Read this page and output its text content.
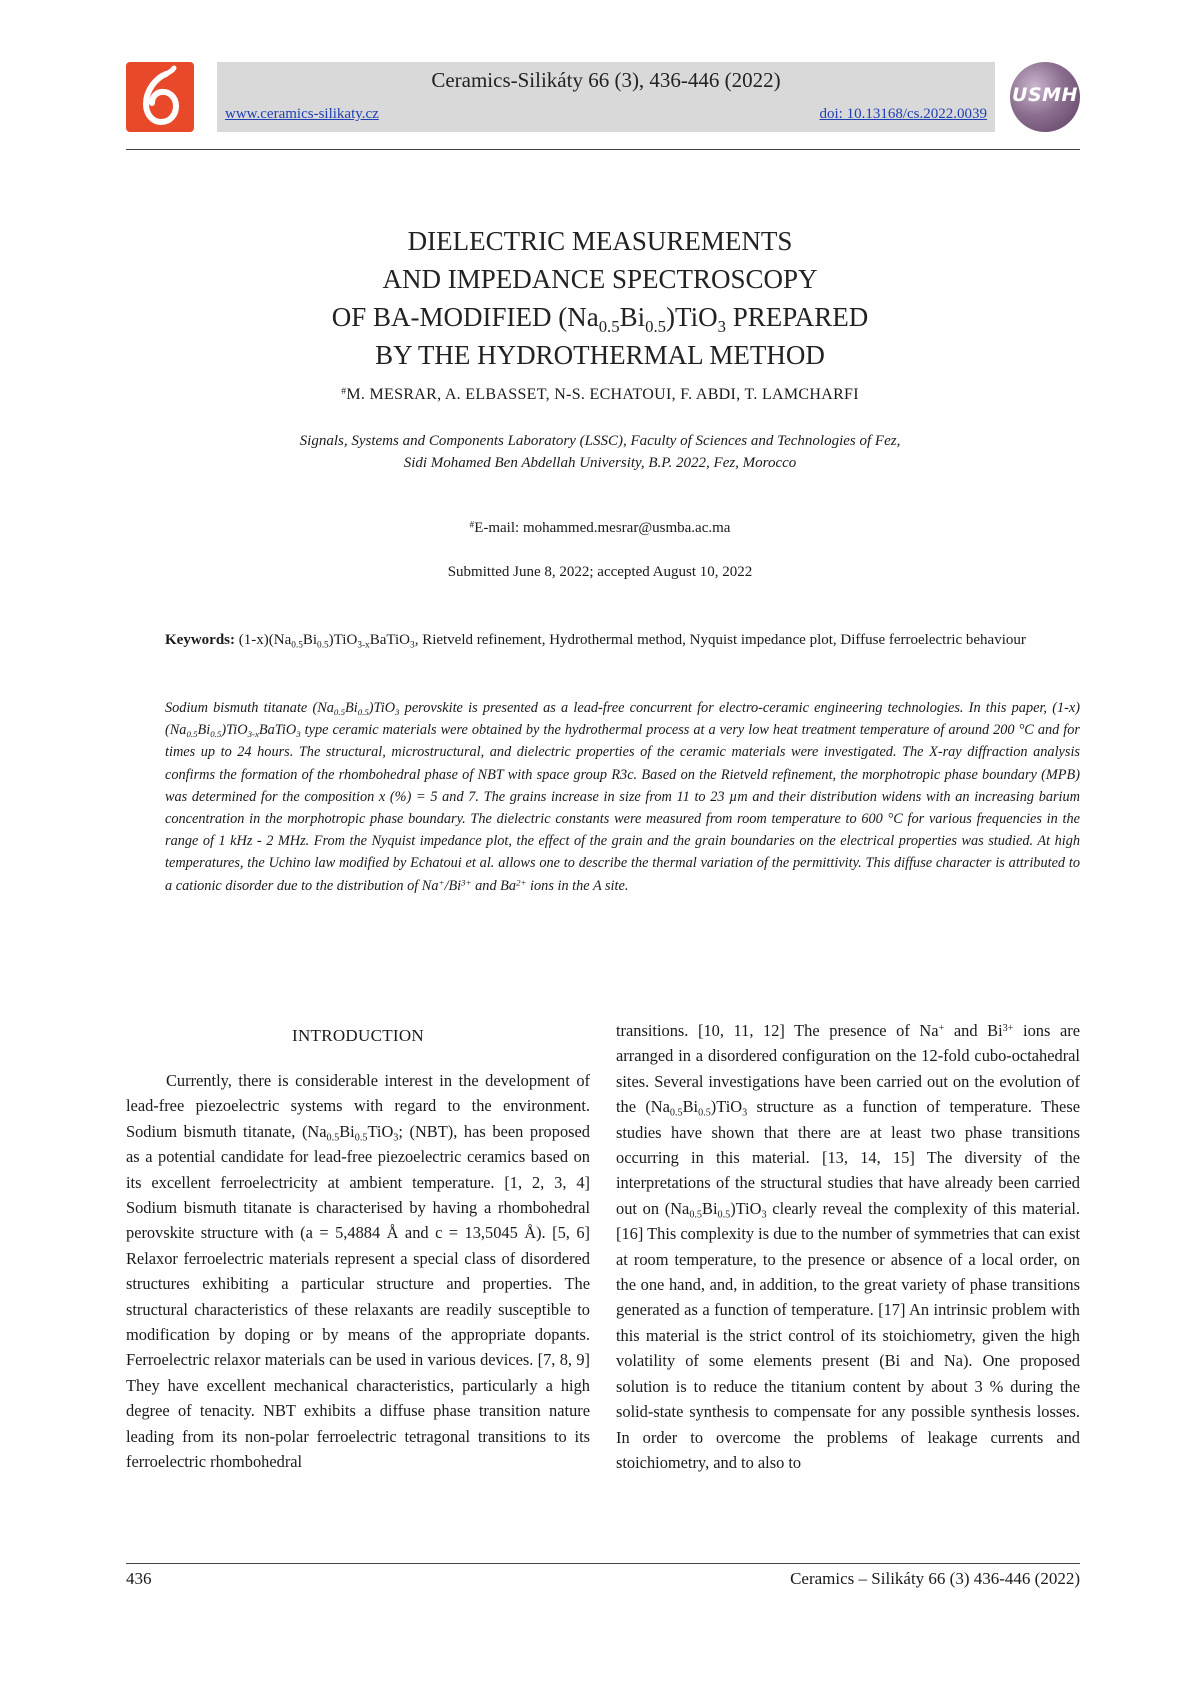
Ceramics-Silikáty 66 (3), 436-446 (2022)
www.ceramics-silikaty.cz	doi: 10.13168/cs.2022.0039
USMH
DIELECTRIC MEASUREMENTS
AND IMPEDANCE SPECTROSCOPY
OF BA-MODIFIED $(Na_{0.5}Bi_{0.5})TiO_3$ PREPARED
BY THE HYDROTHERMAL METHOD
#M. MESRAR, A. ELBASSET, N-S. ECHATOUI, F. ABDI, T. LAMCHARFI
Signals, Systems and Components Laboratory (LSSC), Faculty of Sciences and Technologies of Fez,
Sidi Mohamed Ben Abdellah University, B.P. 2022, Fez, Morocco
#E-mail: mohammed.mesrar@usmba.ac.ma
Submitted June 8, 2022; accepted August 10, 2022
Keywords: $(1-x)(Na_{0.5}Bi_{0.5})TiO_{3-x}BaTiO_3$, Rietveld refinement, Hydrothermal method, Nyquist impedance plot, Diffuse ferroelectric behaviour
Sodium bismuth titanate $(Na_{0.5}Bi_{0.5})TiO_3$ perovskite is presented as a lead-free concurrent for electro-ceramic engineering technologies. In this paper, $(1-x)(Na_{0.5}Bi_{0.5})TiO_{3-x}BaTiO_3$ type ceramic materials were obtained by the hydrothermal process at a very low heat treatment temperature of around 200 °C and for times up to 24 hours. The structural, microstructural, and dielectric properties of the ceramic materials were investigated. The X-ray diffraction analysis confirms the formation of the rhombohedral phase of NBT with space group R3c. Based on the Rietveld refinement, the morphotropic phase boundary (MPB) was determined for the composition x (%) = 5 and 7. The grains increase in size from 11 to 23 µm and their distribution widens with an increasing barium concentration in the morphotropic phase boundary. The dielectric constants were measured from room temperature to 600 °C for various frequencies in the range of 1 kHz - 2 MHz. From the Nyquist impedance plot, the effect of the grain and the grain boundaries on the electrical properties was studied. At high temperatures, the Uchino law modified by Echatoui et al. allows one to describe the thermal variation of the permittivity. This diffuse character is attributed to a cationic disorder due to the distribution of $Na^+/Bi^{3+}$ and $Ba^{2+}$ ions in the A site.
INTRODUCTION

Currently, there is considerable interest in the development of lead-free piezoelectric systems with regard to the environment. Sodium bismuth titanate, ($Na_{0.5}Bi_{0.5}TiO_3$; (NBT), has been proposed as a potential candidate for lead-free piezoelectric ceramics based on its excellent ferroelectricity at ambient temperature. [1, 2, 3, 4] Sodium bismuth titanate is characterised by having a rhombohedral perovskite structure with (a = 5,4884 Å and c = 13,5045 Å). [5, 6] Relaxor ferroelectric materials represent a special class of disordered structures exhibiting a particular structure and properties. The structural characteristics of these relaxants are readily susceptible to modification by doping or by means of the appropriate dopants. Ferroelectric relaxor materials can be used in various devices. [7, 8, 9] They have excellent mechanical characteristics, particularly a high degree of tenacity. NBT exhibits a diffuse phase transition nature leading from its non-polar ferroelectric tetragonal transitions to its ferroelectric rhombohedral

transitions. [10, 11, 12] The presence of Na+ and $Bi^{3+}$ ions are arranged in a disordered configuration on the 12-fold cubo-octahedral sites. Several investigations have been carried out on the evolution of the $(Na_{0.5}Bi_{0.5})TiO_3$ structure as a function of temperature. These studies have shown that there are at least two phase transitions occurring in this material. [13, 14, 15] The diversity of the interpretations of the structural studies that have already been carried out on $(Na_{0.5}Bi_{0.5})TiO_3$ clearly reveal the complexity of this material. [16] This complexity is due to the number of symmetries that can exist at room temperature, to the presence or absence of a local order, on the one hand, and, in addition, to the great variety of phase transitions generated as a function of temperature. [17] An intrinsic problem with this material is the strict control of its stoichiometry, given the high volatility of some elements present (Bi and Na). One proposed solution is to reduce the titanium content by about 3 % during the solid-state synthesis to compensate for any possible synthesis losses. In order to overcome the problems of leakage currents and stoichiometry, and to also to

436	Ceramics – Silikáty 66 (3) 436-446 (2022)
